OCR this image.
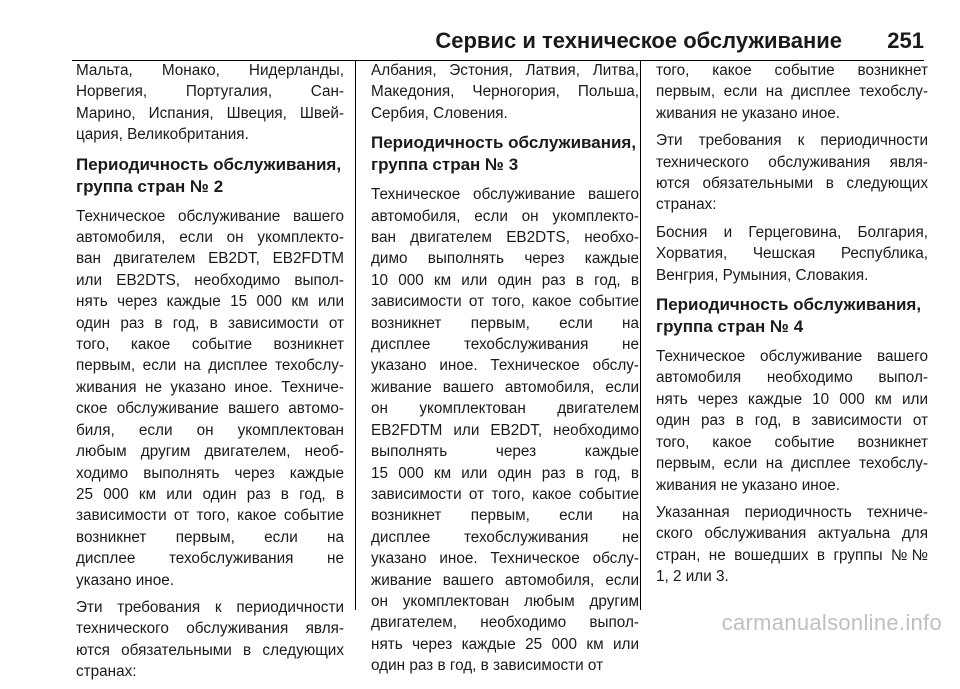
Сервис и техническое обслуживание 251
Мальта, Монако, Нидерланды,
Норвегия, Португалия, Сан-
Марино, Испания, Швеция, Швей-
цария, Великобритания.
Периодичность обслуживания,
группа стран № 2
Техническое обслуживание вашего
автомобиля, если он укомплекто-
ван двигателем EB2DT, EB2FDTM
или EB2DTS, необходимо выпол-
нять через каждые 15 000 км или
один раз в год, в зависимости от
того, какое событие возникнет
первым, если на дисплее техобслу-
живания не указано иное. Техниче-
ское обслуживание вашего автомо-
биля, если он укомплектован
любым другим двигателем, необ-
ходимо выполнять через каждые
25 000 км или один раз в год, в
зависимости от того, какое событие
возникнет первым, если на
дисплее техобслуживания не
указано иное.
Эти требования к периодичности
технического обслуживания явля-
ются обязательными в следующих
странах:
Албания, Эстония, Латвия, Литва,
Македония, Черногория, Польша,
Сербия, Словения.
Периодичность обслуживания,
группа стран № 3
Техническое обслуживание вашего
автомобиля, если он укомплекто-
ван двигателем EB2DTS, необхо-
димо выполнять через каждые
10 000 км или один раз в год, в
зависимости от того, какое событие
возникнет первым, если на
дисплее техобслуживания не
указано иное. Техническое обслу-
живание вашего автомобиля, если
он укомплектован двигателем
EB2FDTM или EB2DT, необходимо
выполнять через каждые
15 000 км или один раз в год, в
зависимости от того, какое событие
возникнет первым, если на
дисплее техобслуживания не
указано иное. Техническое обслу-
живание вашего автомобиля, если
он укомплектован любым другим
двигателем, необходимо выпол-
нять через каждые 25 000 км или
один раз в год, в зависимости от
того, какое событие возникнет
первым, если на дисплее техобслу-
живания не указано иное.
Эти требования к периодичности
технического обслуживания явля-
ются обязательными в следующих
странах:
Босния и Герцеговина, Болгария,
Хорватия, Чешская Республика,
Венгрия, Румыния, Словакия.
Периодичность обслуживания,
группа стран № 4
Техническое обслуживание вашего
автомобиля необходимо выпол-
нять через каждые 10 000 км или
один раз в год, в зависимости от
того, какое событие возникнет
первым, если на дисплее техобслу-
живания не указано иное.
Указанная периодичность техниче-
ского обслуживания актуальна для
стран, не вошедших в группы №№
1, 2 или 3.
carmanualsonline.info
